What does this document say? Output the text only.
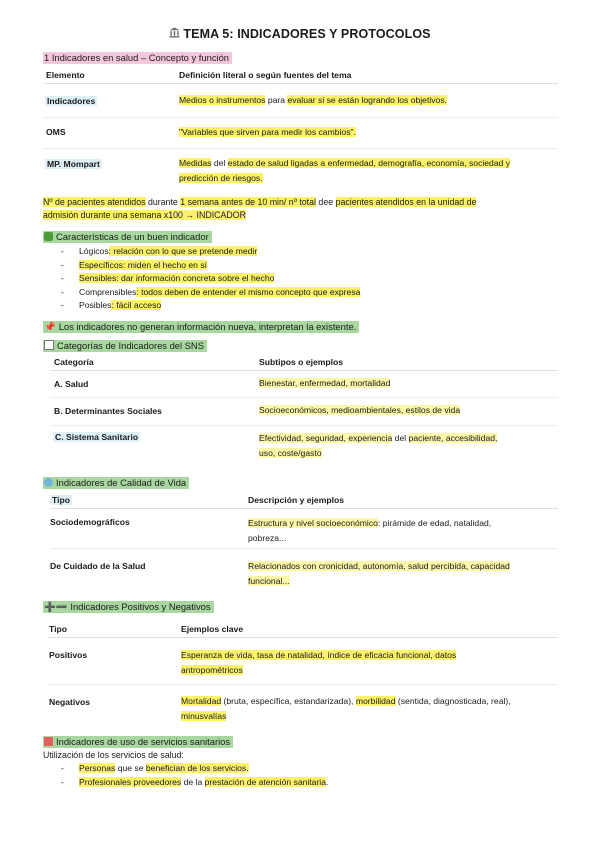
TEMA 5: INDICADORES Y PROTOCOLOS
1 Indicadores en salud – Concepto y función
Elemento	Definición literal o según fuentes del tema
Indicadores	Medios o instrumentos para evaluar si se están logrando los objetivos.
OMS	"Variables que sirven para medir los cambios".
MP. Mompart	Medidas del estado de salud ligadas a enfermedad, demografía, economía, sociedad y
predicción de riesgos.
Nº de pacientes atendidos durante 1 semana antes de 10 min/ nº total dee pacientes atendidos en la unidad de
admisión durante una semana x100 → INDICADOR
Características de un buen indicador
- Lógicos: relación con lo que se pretende medir
- Específicos: miden el hecho en sí
- Sensibles: dar información concreta sobre el hecho
- Comprensibles: todos deben de entender el mismo concepto que expresa
- Posibles: fácil acceso
📌 Los indicadores no generan información nueva, interpretan la existente.
Categorías de Indicadores del SNS
Categoría	Subtipos o ejemplos
A. Salud	Bienestar, enfermedad, mortalidad
B. Determinantes Sociales	Socioeconómicos, medioambientales, estilos de vida
C. Sistema Sanitario	Efectividad, seguridad, experiencia del paciente, accesibilidad,
uso, coste/gasto
Indicadores de Calidad de Vida
Tipo	Descripción y ejemplos
Sociodemográficos	Estructura y nivel socioeconómico: pirámide de edad, natalidad,
pobreza...
De Cuidado de la Salud	Relacionados con cronicidad, autonomía, salud percibida, capacidad
funcional...
➕➖ Indicadores Positivos y Negativos
Tipo	Ejemplos clave
Positivos	Esperanza de vida, tasa de natalidad, índice de eficacia funcional, datos
antropométricos
Negativos	Mortalidad (bruta, específica, estandarizada), morbilidad (sentida, diagnosticada, real),
minusvalías
Indicadores de uso de servicios sanitarios
Utilización de los servicios de salud:
- Personas que se benefician de los servicios.
- Profesionales proveedores de la prestación de atención sanitaria.
